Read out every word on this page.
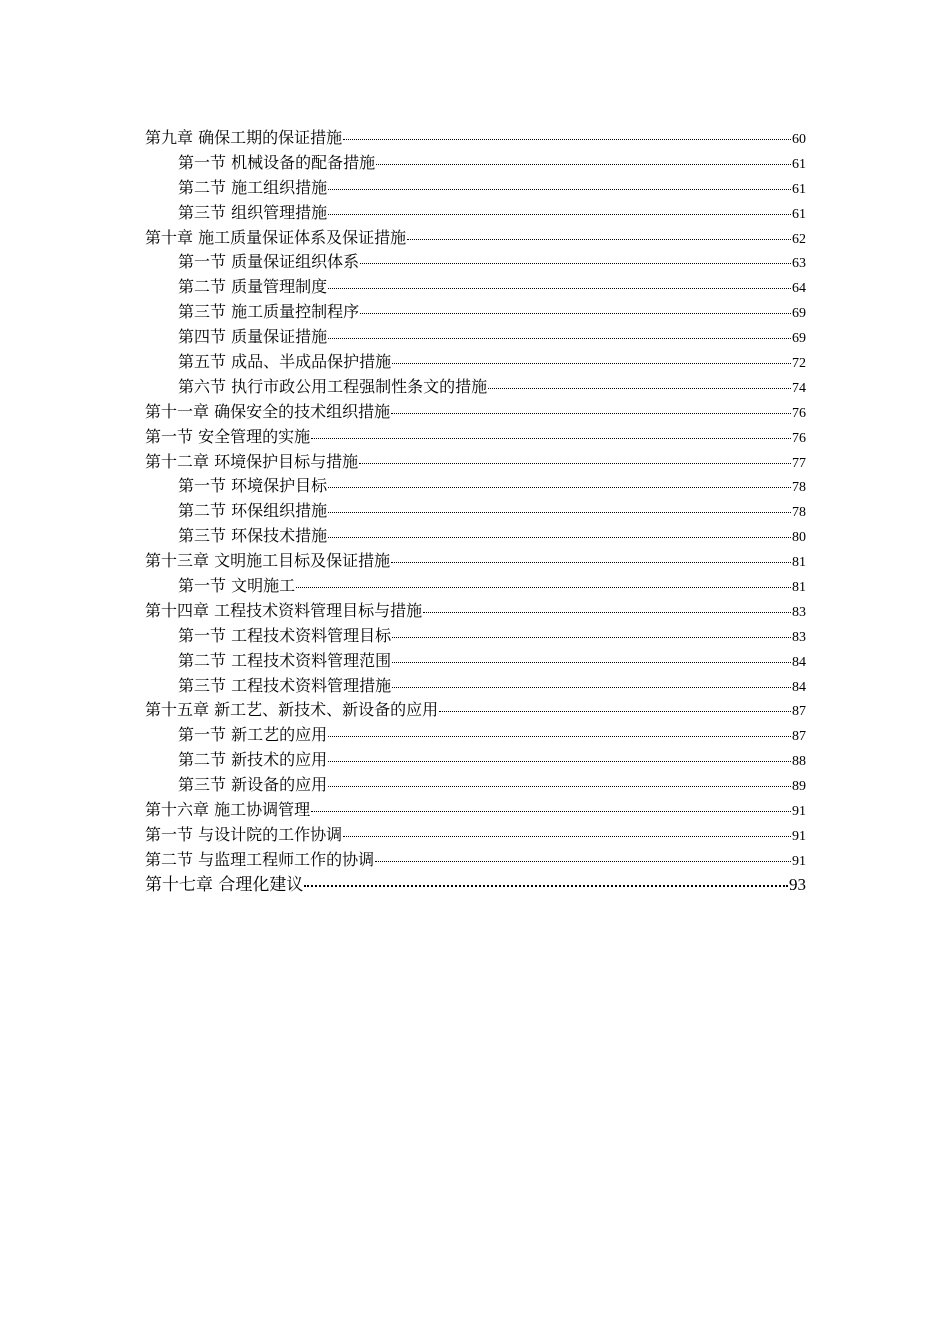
第九章 确保工期的保证措施	60
第一节 机械设备的配备措施	61
第二节 施工组织措施	61
第三节 组织管理措施	61
第十章 施工质量保证体系及保证措施	62
第一节 质量保证组织体系	63
第二节 质量管理制度	64
第三节 施工质量控制程序	69
第四节 质量保证措施	69
第五节 成品、半成品保护措施	72
第六节 执行市政公用工程强制性条文的措施	74
第十一章 确保安全的技术组织措施	76
第一节 安全管理的实施	76
第十二章 环境保护目标与措施	77
第一节 环境保护目标	78
第二节 环保组织措施	78
第三节 环保技术措施	80
第十三章 文明施工目标及保证措施	81
第一节 文明施工	81
第十四章 工程技术资料管理目标与措施	83
第一节 工程技术资料管理目标	83
第二节 工程技术资料管理范围	84
第三节 工程技术资料管理措施	84
第十五章 新工艺、新技术、新设备的应用	87
第一节 新工艺的应用	87
第二节 新技术的应用	88
第三节 新设备的应用	89
第十六章 施工协调管理	91
第一节 与设计院的工作协调	91
第二节 与监理工程师工作的协调	91
第十七章 合理化建议	93
